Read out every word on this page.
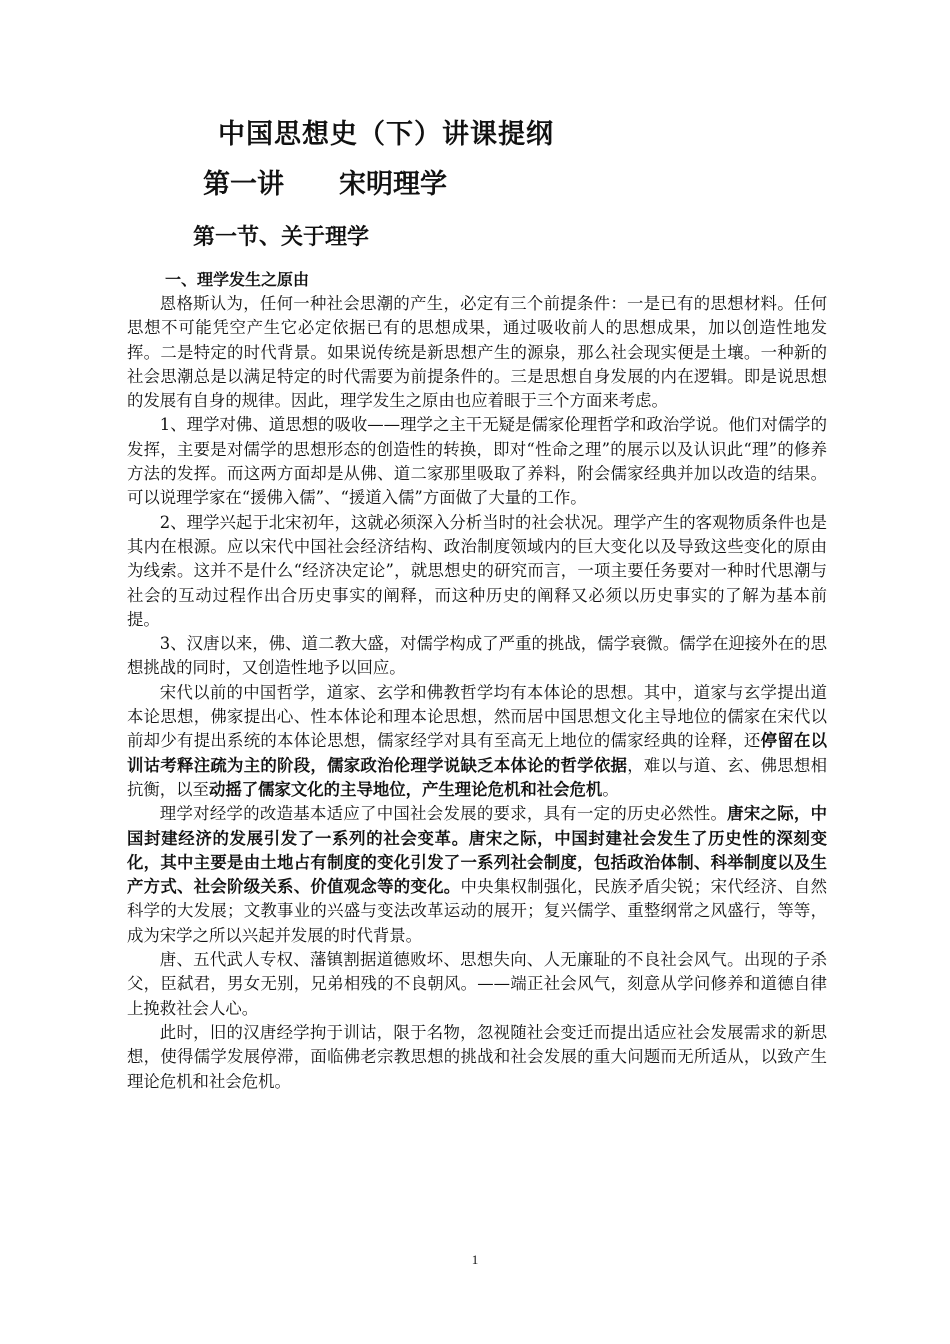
中国思想史（下）讲课提纲
第一讲 宋明理学
第一节、关于理学
一、理学发生之原由

恩格斯认为，任何一种社会思潮的产生，必定有三个前提条件：一是已有的思想材料。任何思想不可能凭空产生它必定依据已有的思想成果，通过吸收前人的思想成果，加以创造性地发挥。二是特定的时代背景。如果说传统是新思想产生的源泉，那么社会现实便是土壤。一种新的社会思潮总是以满足特定的时代需要为前提条件的。三是思想自身发展的内在逻辑。即是说思想的发展有自身的规律。因此，理学发生之原由也应着眼于三个方面来考虑。

1、理学对佛、道思想的吸收——理学之主干无疑是儒家伦理哲学和政治学说。他们对儒学的发挥，主要是对儒学的思想形态的创造性的转换，即对“性命之理”的展示以及认识此“理”的修养方法的发挥。而这两方面却是从佛、道二家那里吸取了养料，附会儒家经典并加以改造的结果。可以说理学家在“援佛入儒”、“援道入儒”方面做了大量的工作。

2、理学兴起于北宋初年，这就必须深入分析当时的社会状况。理学产生的客观物质条件也是其内在根源。应以宋代中国社会经济结构、政治制度领域内的巨大变化以及导致这些变化的原由为线索。这并不是什么“经济决定论”，就思想史的研究而言，一项主要任务要对一种时代思潮与社会的互动过程作出合历史事实的阐释，而这种历史的阐释又必须以历史事实的了解为基本前提。

3、汉唐以来，佛、道二教大盛，对儒学构成了严重的挑战，儒学衰微。儒学在迎接外在的思想挑战的同时，又创造性地予以回应。

宋代以前的中国哲学，道家、玄学和佛教哲学均有本体论的思想。其中，道家与玄学提出道本论思想，佛家提出心、性本体论和理本论思想，然而居中国思想文化主导地位的儒家在宋代以前却少有提出系统的本体论思想，儒家经学对具有至高无上地位的儒家经典的诠释，还停留在以训诂考释注疏为主的阶段，儒家政治伦理学说缺乏本体论的哲学依据，难以与道、玄、佛思想相抗衡，以至动摇了儒家文化的主导地位，产生理论危机和社会危机。

理学对经学的改造基本适应了中国社会发展的要求，具有一定的历史必然性。唐宋之际，中国封建经济的发展引发了一系列的社会变革。唐宋之际，中国封建社会发生了历史性的深刻变化，其中主要是由土地占有制度的变化引发了一系列社会制度，包括政治体制、科举制度以及生产方式、社会阶级关系、价值观念等的变化。中央集权制强化，民族矛盾尖锐；宋代经济、自然科学的大发展；文教事业的兴盛与变法改革运动的展开；复兴儒学、重整纲常之风盛行，等等，成为宋学之所以兴起并发展的时代背景。

唐、五代武人专权、藩镇割据道德败坏、思想失向、人无廉耻的不良社会风气。出现的子杀父，臣弑君，男女无别，兄弟相残的不良朝风。——端正社会风气，刻意从学问修养和道德自律上挽救社会人心。

此时，旧的汉唐经学拘于训诂，限于名物，忽视随社会变迁而提出适应社会发展需求的新思想，使得儒学发展停滞，面临佛老宗教思想的挑战和社会发展的重大问题而无所适从，以致产生理论危机和社会危机。

1
